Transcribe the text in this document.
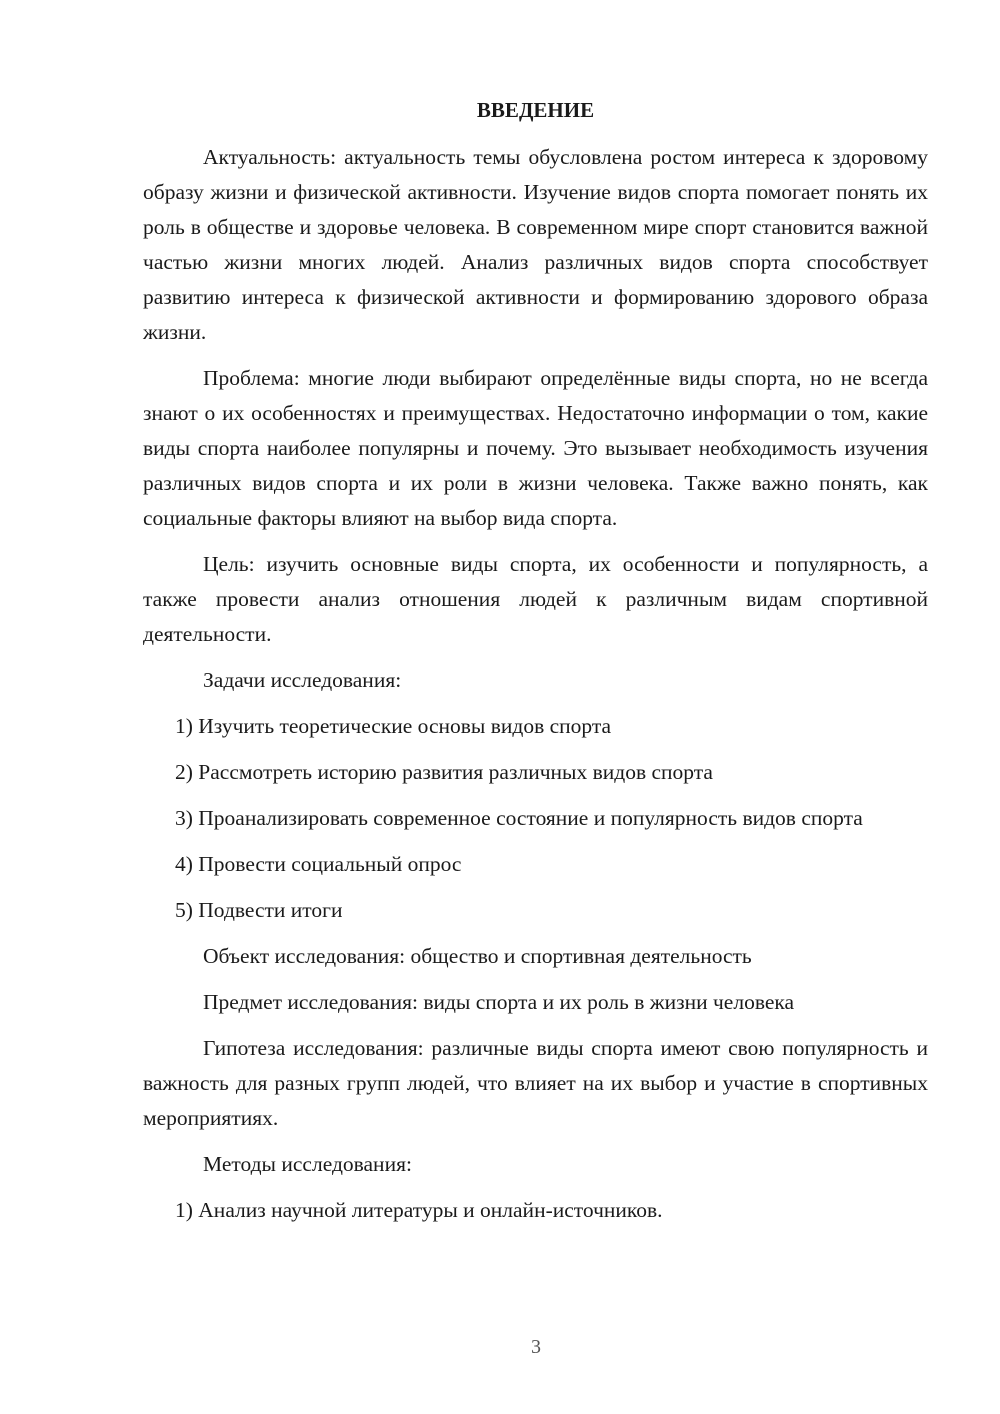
ВВЕДЕНИЕ

Актуальность: актуальность темы обусловлена ростом интереса к здоровому образу жизни и физической активности. Изучение видов спорта помогает понять их роль в обществе и здоровье человека. В современном мире спорт становится важной частью жизни многих людей. Анализ различных видов спорта способствует развитию интереса к физической активности и формированию здорового образа жизни.

Проблема: многие люди выбирают определённые виды спорта, но не всегда знают о их особенностях и преимуществах. Недостаточно информации о том, какие виды спорта наиболее популярны и почему. Это вызывает необходимость изучения различных видов спорта и их роли в жизни человека. Также важно понять, как социальные факторы влияют на выбор вида спорта.

Цель: изучить основные виды спорта, их особенности и популярность, а также провести анализ отношения людей к различным видам спортивной деятельности.

Задачи исследования:
1) Изучить теоретические основы видов спорта
2) Рассмотреть историю развития различных видов спорта
3) Проанализировать современное состояние и популярность видов спорта
4) Провести социальный опрос
5) Подвести итоги
Объект исследования: общество и спортивная деятельность
Предмет исследования: виды спорта и их роль в жизни человека

Гипотеза исследования: различные виды спорта имеют свою популярность и важность для разных групп людей, что влияет на их выбор и участие в спортивных мероприятиях.

Методы исследования:
1) Анализ научной литературы и онлайн-источников.
3
